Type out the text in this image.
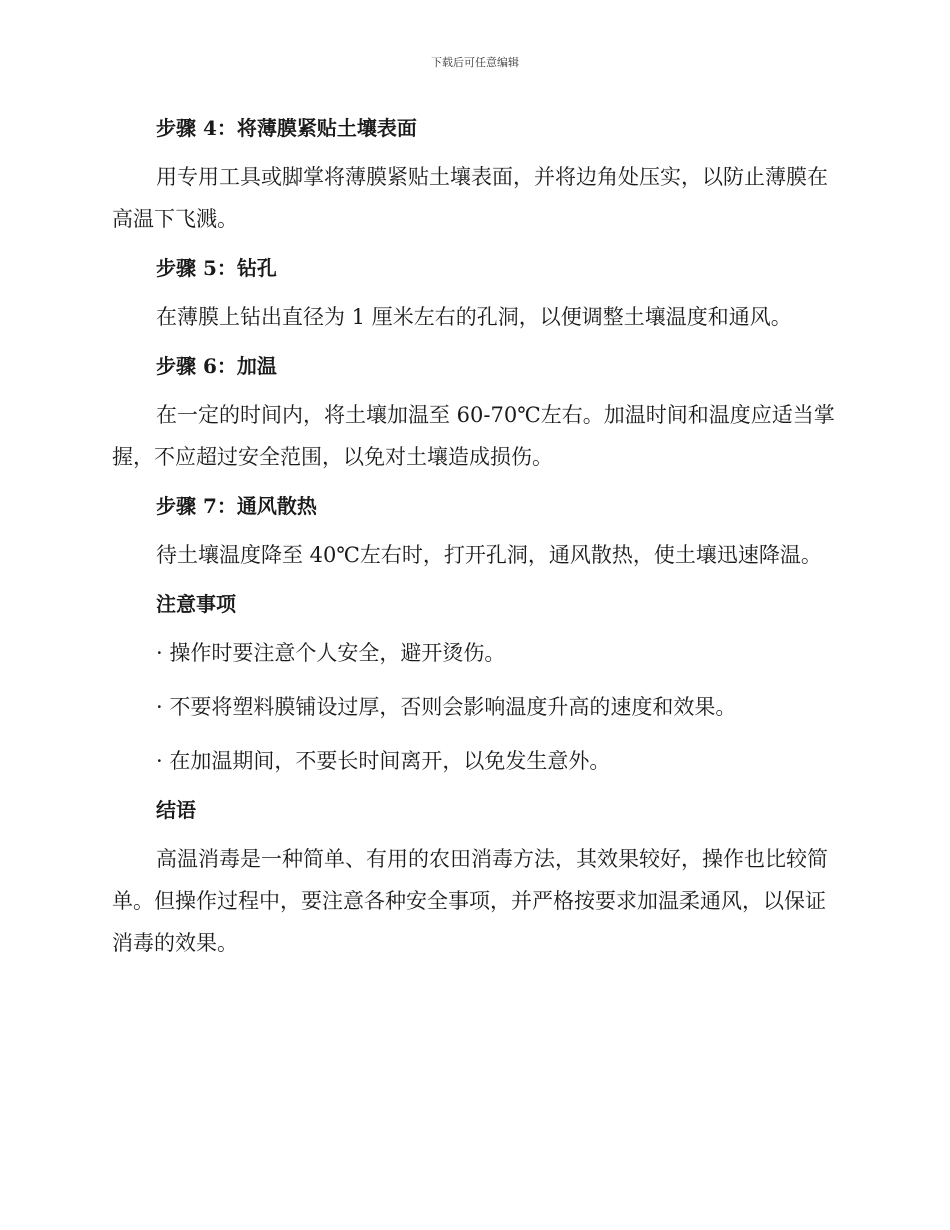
下载后可任意编辑
步骤 4：将薄膜紧贴土壤表面

用专用工具或脚掌将薄膜紧贴土壤表面，并将边角处压实，以防止薄膜在高温下飞溅。

步骤 5：钻孔

在薄膜上钻出直径为 1 厘米左右的孔洞，以便调整土壤温度和通风。

步骤 6：加温

在一定的时间内，将土壤加温至 60-70℃左右。加温时间和温度应适当掌握，不应超过安全范围，以免对土壤造成损伤。

步骤 7：通风散热

待土壤温度降至 40℃左右时，打开孔洞，通风散热，使土壤迅速降温。

注意事项
· 操作时要注意个人安全，避开烫伤。
· 不要将塑料膜铺设过厚，否则会影响温度升高的速度和效果。
· 在加温期间，不要长时间离开，以免发生意外。
结语

高温消毒是一种简单、有用的农田消毒方法，其效果较好，操作也比较简单。但操作过程中，要注意各种安全事项，并严格按要求加温柔通风，以保证消毒的效果。
